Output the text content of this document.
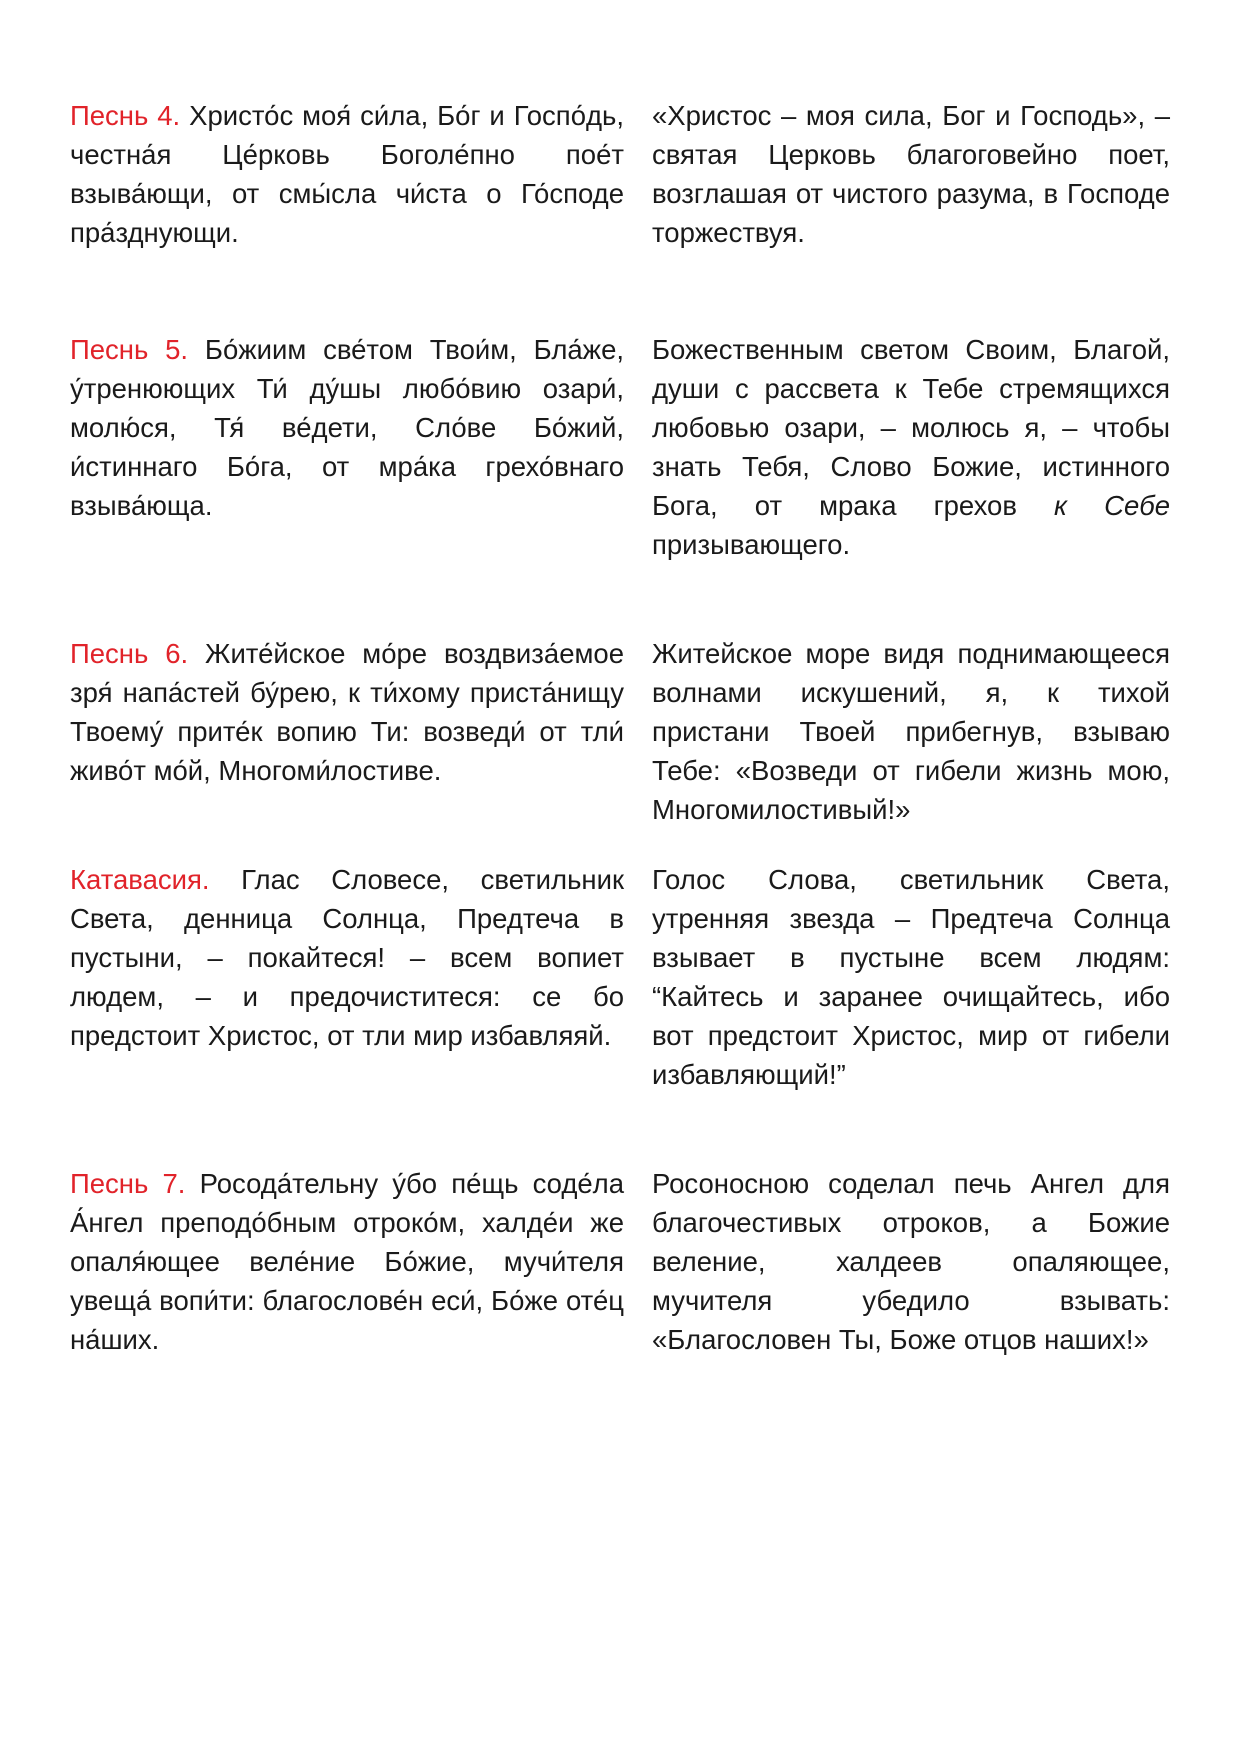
Песнь 4. Христо́с моя́ си́ла, Бо́г и Госпо́дь, честна́я Це́рковь Боголе́пно пое́т взыва́ющи, от смы́сла чи́ста о Го́споде пра́зднующи.
«Христос – моя сила, Бог и Господь», – святая Церковь благоговейно поет, возглашая от чистого разума, в Господе торжествуя.
Песнь 5. Бо́жиим све́том Твои́м, Бла́же, у́тренюющих Ти́ ду́шы любо́вию озари́, молю́ся, Тя́ ве́дети, Сло́ве Бо́жий, и́стиннаго Бо́га, от мра́ка грехо́внаго взыва́юща.
Божественным светом Своим, Благой, души с рассвета к Тебе стремящихся любовью озари, – молюсь я, – чтобы знать Тебя, Слово Божие, истинного Бога, от мрака грехов к Себе призывающего.
Песнь 6. Жите́йское мо́ре воздвиза́емое зря́ напа́стей бу́рею, к ти́хому приста́нищу Твоему́ прите́к вопию Ти: возведи́ от тли́ живо́т мо́й, Многоми́лостиве.
Житейское море видя поднимающееся волнами искушений, я, к тихой пристани Твоей прибегнув, взываю Тебе: «Возведи от гибели жизнь мою, Многомилостивый!»
Катавасия. Глас Словесе, светильник Света, денница Солнца, Предтеча в пустыни, – покайтеся! – всем вопиет людем, – и предочиститеся: се бо предстоит Христос, от тли мир избавляяй.
Голос Слова, светильник Света, утренняя звезда – Предтеча Солнца взывает в пустыне всем людям: “Кайтесь и заранее очищайтесь, ибо вот предстоит Христос, мир от гибели избавляющий!”
Песнь 7. Росода́тельну у́бо пе́щь соде́ла А́нгел преподо́бным отроко́м, халде́и же опаля́ющее веле́ние Бо́жие, мучи́теля увеща́ вопи́ти: благослове́н еси́, Бо́же оте́ц на́ших.
Росоносною соделал печь Ангел для благочестивых отроков, а Божие веление, халдеев опаляющее, мучителя убедило взывать: «Благословен Ты, Боже отцов наших!»
